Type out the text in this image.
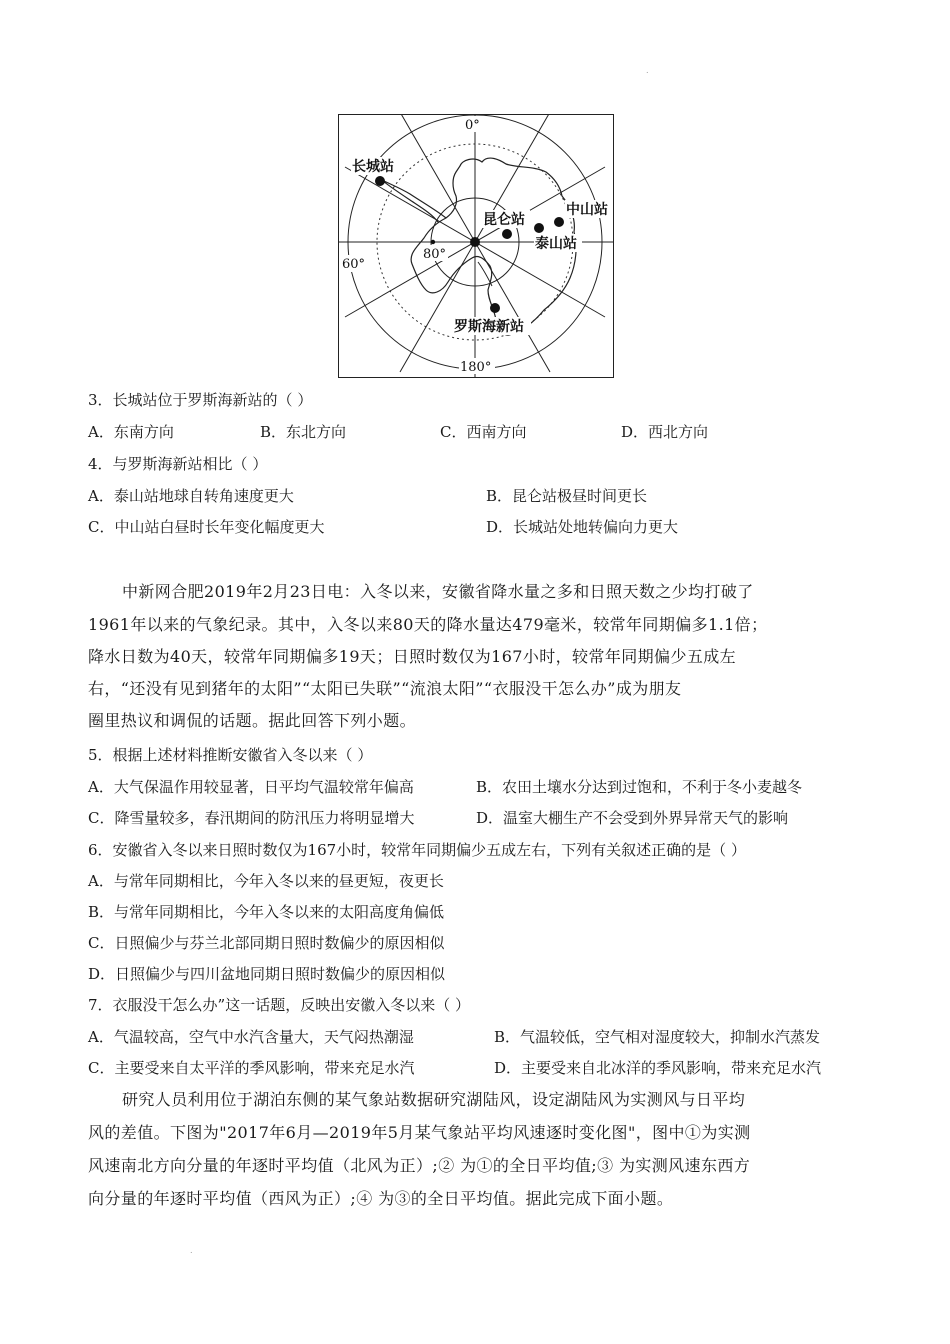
.
0°
180°
60°
80°
长城站
昆仑站
中山站
泰山站
罗斯海新站
3．长城站位于罗斯海新站的（ ）
A．东南方向	B．东北方向	C．西南方向	D．西北方向
4．与罗斯海新站相比（ ）
A．泰山站地球自转角速度更大	B．昆仑站极昼时间更长
C．中山站白昼时长年变化幅度更大	D．长城站处地转偏向力更大
中新网合肥2019年2月23日电：入冬以来，安徽省降水量之多和日照天数之少均打破了
1961年以来的气象纪录。其中，入冬以来80天的降水量达479毫米，较常年同期偏多1.1倍；
降水日数为40天，较常年同期偏多19天；日照时数仅为167小时，较常年同期偏少五成左
右，“还没有见到猪年的太阳”“太阳已失联”“流浪太阳”“衣服没干怎么办”成为朋友
圈里热议和调侃的话题。据此回答下列小题。
5．根据上述材料推断安徽省入冬以来（ ）
A．大气保温作用较显著，日平均气温较常年偏高	B．农田土壤水分达到过饱和，不利于冬小麦越冬
C．降雪量较多，春汛期间的防汛压力将明显增大	D．温室大棚生产不会受到外界异常天气的影响
6．安徽省入冬以来日照时数仅为167小时，较常年同期偏少五成左右，下列有关叙述正确的是（ ）
A．与常年同期相比，今年入冬以来的昼更短，夜更长
B．与常年同期相比，今年入冬以来的太阳高度角偏低
C．日照偏少与芬兰北部同期日照时数偏少的原因相似
D．日照偏少与四川盆地同期日照时数偏少的原因相似
7．衣服没干怎么办”这一话题，反映出安徽入冬以来（ ）
A．气温较高，空气中水汽含量大，天气闷热潮湿	B．气温较低，空气相对湿度较大，抑制水汽蒸发
C．主要受来自太平洋的季风影响，带来充足水汽	D．主要受来自北冰洋的季风影响，带来充足水汽
研究人员利用位于湖泊东侧的某气象站数据研究湖陆风，设定湖陆风为实测风与日平均
风的差值。下图为"2017年6月—2019年5月某气象站平均风速逐时变化图"，图中①为实测
风速南北方向分量的年逐时平均值（北风为正）;② 为①的全日平均值;③ 为实测风速东西方
向分量的年逐时平均值（西风为正）;④ 为③的全日平均值。据此完成下面小题。
.
